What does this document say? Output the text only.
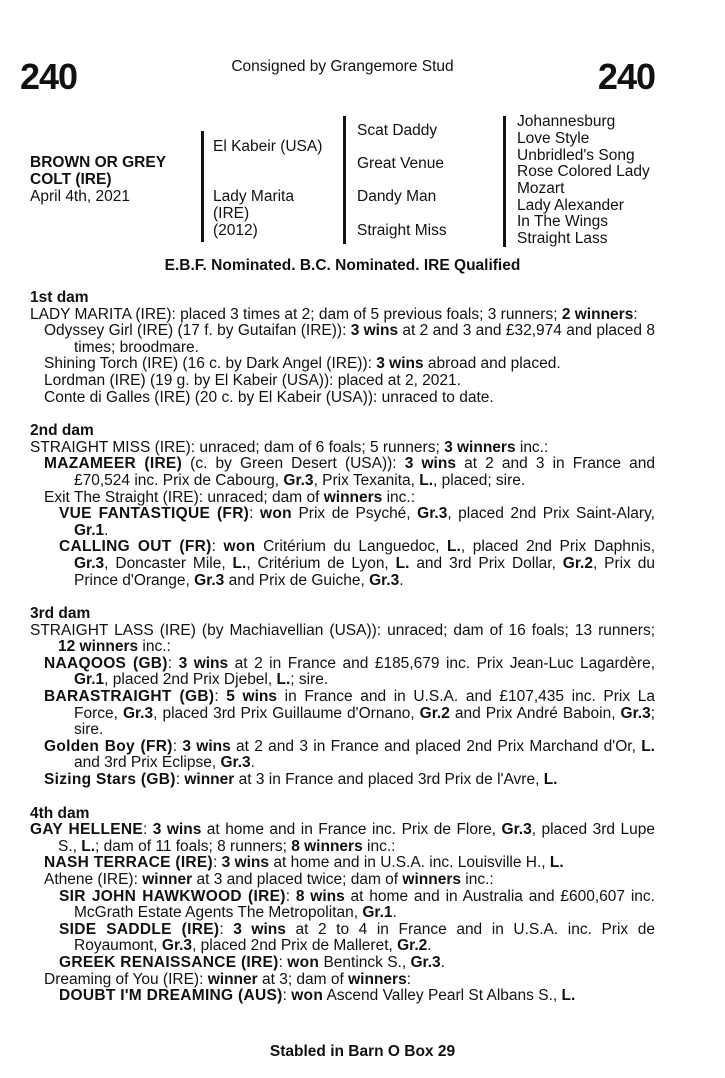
240	240
Consigned by Grangemore Stud
BROWN OR GREY
COLT (IRE)
April 4th, 2021
El Kabeir (USA)
Lady Marita
(IRE)
(2012)
Scat Daddy
Great Venue
Dandy Man
Straight Miss
Johannesburg
Love Style
Unbridled's Song
Rose Colored Lady
Mozart
Lady Alexander
In The Wings
Straight Lass
E.B.F. Nominated. B.C. Nominated. IRE Qualified

1st dam

LADY MARITA (IRE): placed 3 times at 2; dam of 5 previous foals; 3 runners; 2 winners:

Odyssey Girl (IRE) (17 f. by Gutaifan (IRE)): 3 wins at 2 and 3 and £32,974 and placed 8 times; broodmare.

Shining Torch (IRE) (16 c. by Dark Angel (IRE)): 3 wins abroad and placed.

Lordman (IRE) (19 g. by El Kabeir (USA)): placed at 2, 2021.

Conte di Galles (IRE) (20 c. by El Kabeir (USA)): unraced to date.

2nd dam

STRAIGHT MISS (IRE): unraced; dam of 6 foals; 5 runners; 3 winners inc.:

MAZAMEER (IRE) (c. by Green Desert (USA)): 3 wins at 2 and 3 in France and £70,524 inc. Prix de Cabourg, Gr.3, Prix Texanita, L., placed; sire.

Exit The Straight (IRE): unraced; dam of winners inc.:

VUE FANTASTIQUE (FR): won Prix de Psyché, Gr.3, placed 2nd Prix Saint-Alary, Gr.1.

CALLING OUT (FR): won Critérium du Languedoc, L., placed 2nd Prix Daphnis, Gr.3, Doncaster Mile, L., Critérium de Lyon, L. and 3rd Prix Dollar, Gr.2, Prix du Prince d'Orange, Gr.3 and Prix de Guiche, Gr.3.

3rd dam

STRAIGHT LASS (IRE) (by Machiavellian (USA)): unraced; dam of 16 foals; 13 runners; 12 winners inc.:

NAAQOOS (GB): 3 wins at 2 in France and £185,679 inc. Prix Jean-Luc Lagardère, Gr.1, placed 2nd Prix Djebel, L.; sire.

BARASTRAIGHT (GB): 5 wins in France and in U.S.A. and £107,435 inc. Prix La Force, Gr.3, placed 3rd Prix Guillaume d'Ornano, Gr.2 and Prix André Baboin, Gr.3; sire.

Golden Boy (FR): 3 wins at 2 and 3 in France and placed 2nd Prix Marchand d'Or, L. and 3rd Prix Eclipse, Gr.3.

Sizing Stars (GB): winner at 3 in France and placed 3rd Prix de l'Avre, L.

4th dam

GAY HELLENE: 3 wins at home and in France inc. Prix de Flore, Gr.3, placed 3rd Lupe S., L.; dam of 11 foals; 8 runners; 8 winners inc.:

NASH TERRACE (IRE): 3 wins at home and in U.S.A. inc. Louisville H., L.

Athene (IRE): winner at 3 and placed twice; dam of winners inc.:

SIR JOHN HAWKWOOD (IRE): 8 wins at home and in Australia and £600,607 inc. McGrath Estate Agents The Metropolitan, Gr.1.

SIDE SADDLE (IRE): 3 wins at 2 to 4 in France and in U.S.A. inc. Prix de Royaumont, Gr.3, placed 2nd Prix de Malleret, Gr.2.

GREEK RENAISSANCE (IRE): won Bentinck S., Gr.3.

Dreaming of You (IRE): winner at 3; dam of winners:

DOUBT I'M DREAMING (AUS): won Ascend Valley Pearl St Albans S., L.

Stabled in Barn O Box 29
